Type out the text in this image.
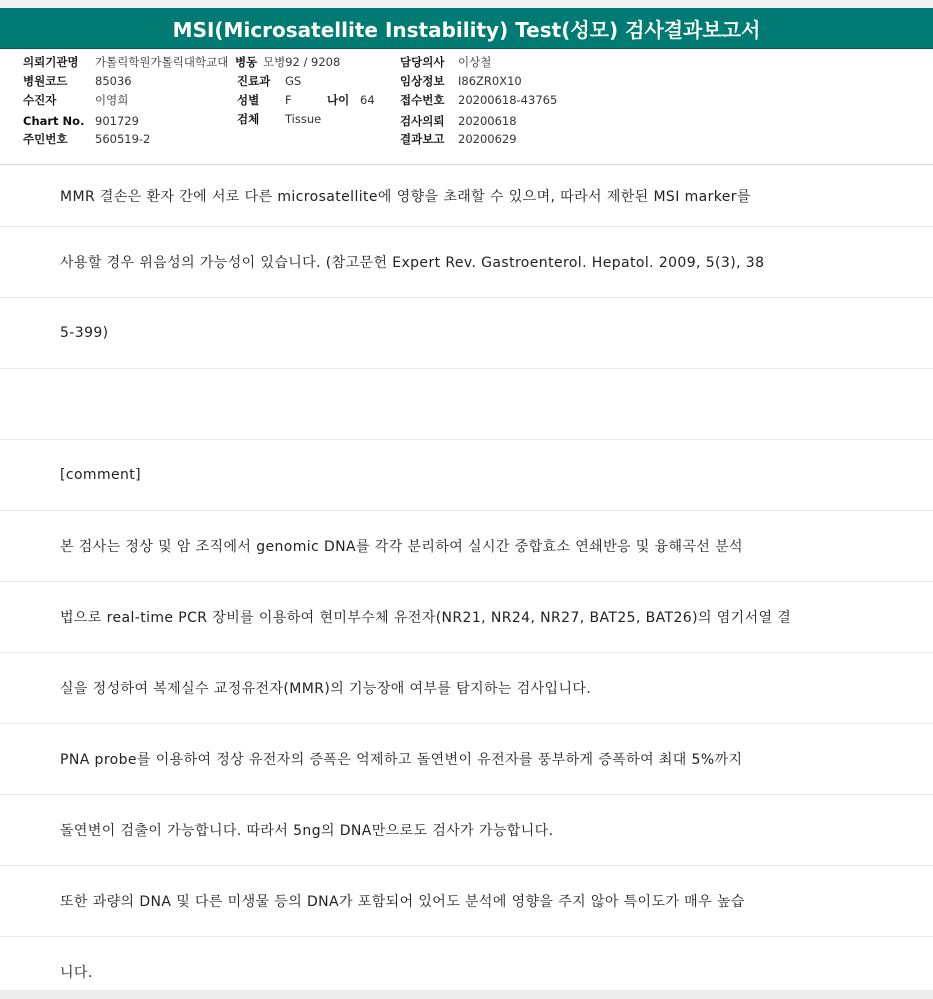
MSI(Microsatellite Instability) Test(성모) 검사결과보고서
의뢰기관명 가톨릭학원가톨릭대학교대 병동 모병92 / 9208	담당의사 이상철
병원코드 85036	진료과 GS	임상정보 I86ZR0X10
수진자	이영희	성별 F	나이 64 접수번호 20200618-43765
Chart No. 901729	검체 Tissue	검사의뢰 20200618
주민번호 560519-2	결과보고 20200629
MMR 결손은 환자 간에 서로 다른 microsatellite에 영향을 초래할 수 있으며, 따라서 제한된 MSI marker를
사용할 경우 위음성의 가능성이 있습니다. (참고문헌 Expert Rev. Gastroenterol. Hepatol. 2009, 5(3), 38
5-399)
[comment]
본 검사는 정상 및 암 조직에서 genomic DNA를 각각 분리하여 실시간 중합효소 연쇄반응 및 융해곡선 분석
법으로 real-time PCR 장비를 이용하여 현미부수체 유전자(NR21, NR24, NR27, BAT25, BAT26)의 염기서열 결
실을 정성하여 복제실수 교정유전자(MMR)의 기능장애 여부를 탐지하는 검사입니다.
PNA probe를 이용하여 정상 유전자의 증폭은 억제하고 돌연변이 유전자를 풍부하게 증폭하여 최대 5%까지
돌연변이 검출이 가능합니다. 따라서 5ng의 DNA만으로도 검사가 가능합니다.
또한 과량의 DNA 및 다른 미생물 등의 DNA가 포함되어 있어도 분석에 영향을 주지 않아 특이도가 매우 높습
니다.
